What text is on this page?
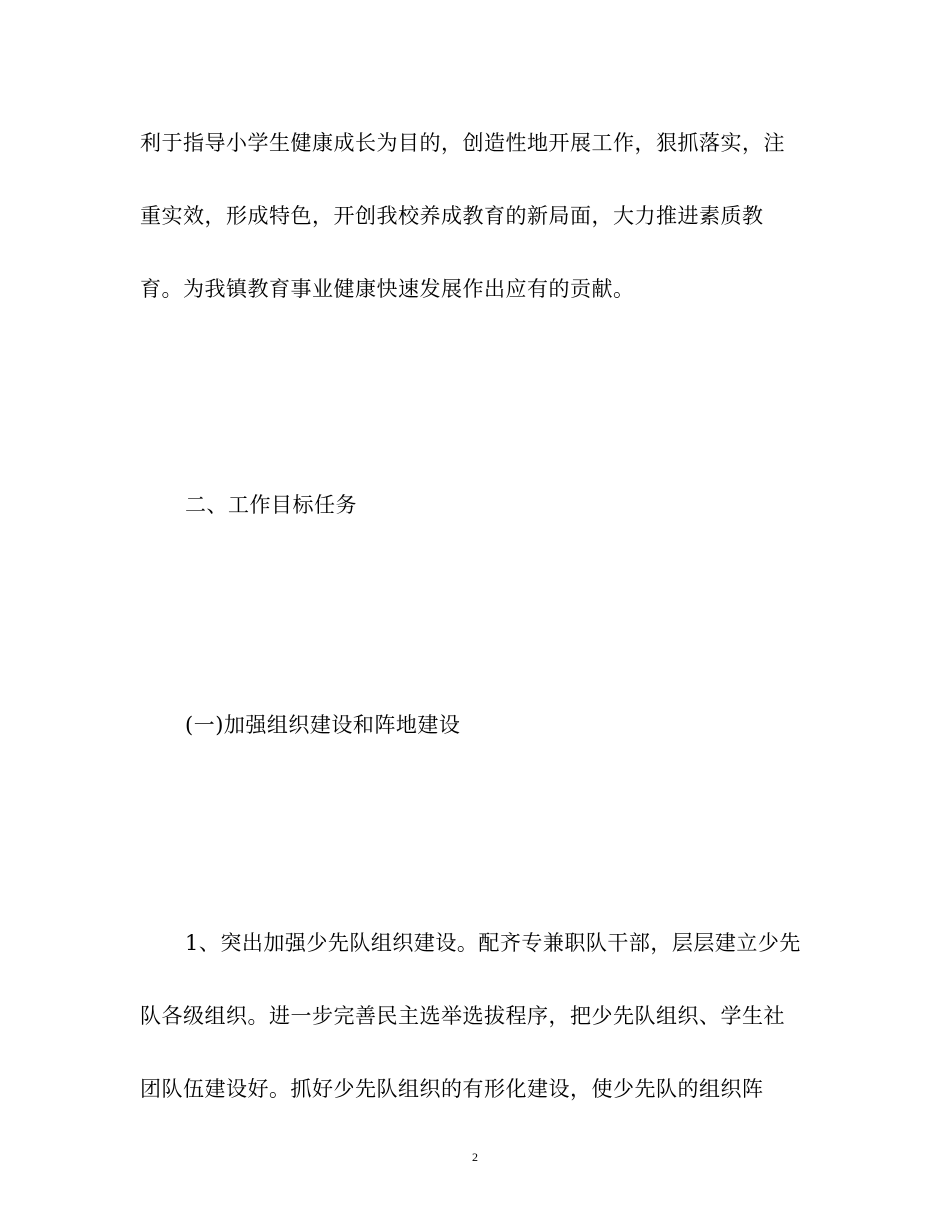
利于指导小学生健康成长为目的，创造性地开展工作，狠抓落实，注
重实效，形成特色，开创我校养成教育的新局面，大力推进素质教
育。为我镇教育事业健康快速发展作出应有的贡献。
二、工作目标任务
(一)加强组织建设和阵地建设
1、突出加强少先队组织建设。配齐专兼职队干部，层层建立少先
队各级组织。进一步完善民主选举选拔程序，把少先队组织、学生社
团队伍建设好。抓好少先队组织的有形化建设，使少先队的组织阵
2
